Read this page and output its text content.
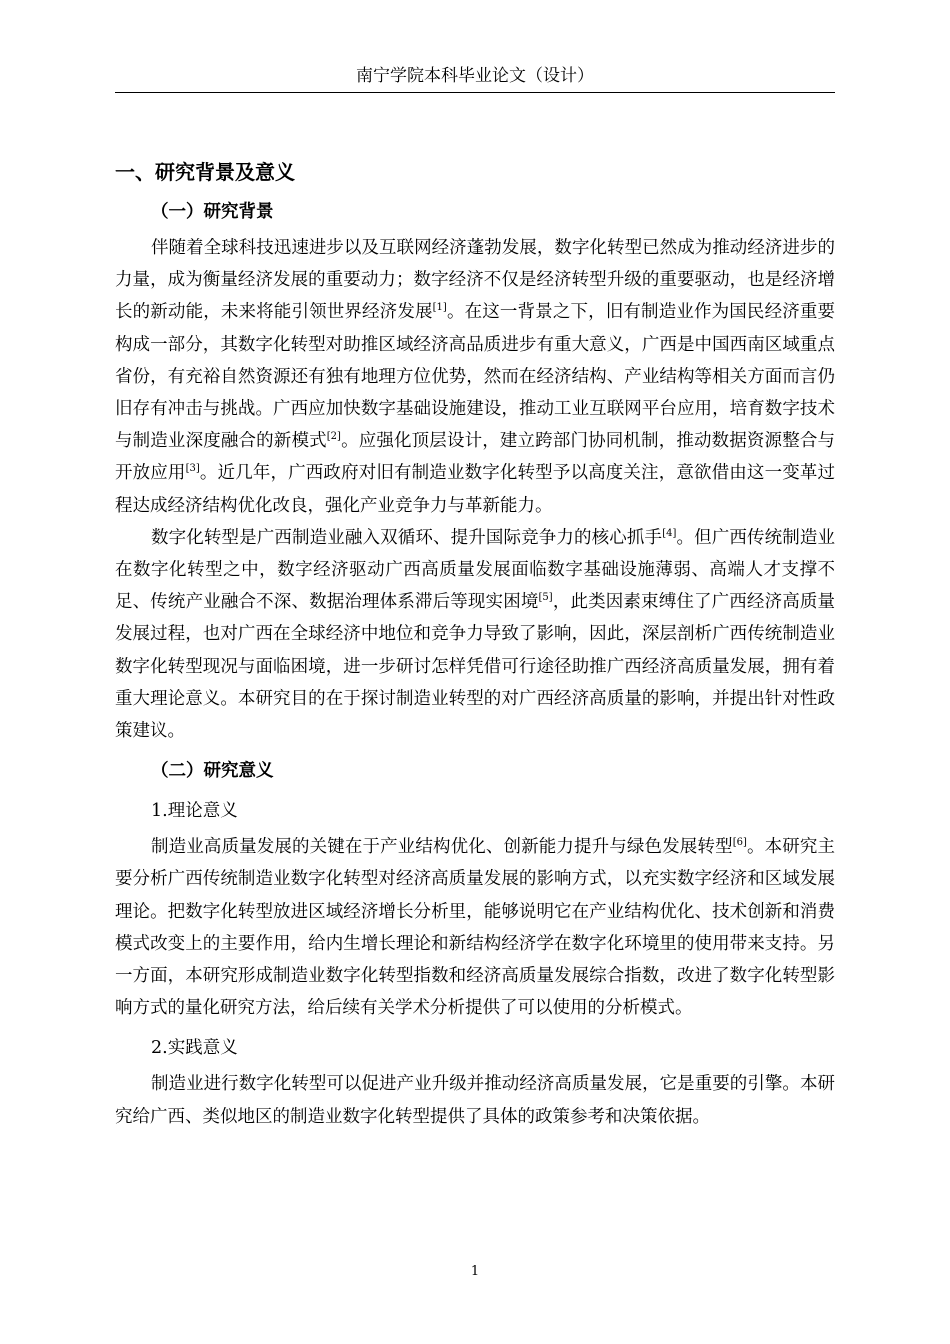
南宁学院本科毕业论文（设计）
一、研究背景及意义
（一）研究背景

伴随着全球科技迅速进步以及互联网经济蓬勃发展，数字化转型已然成为推动经济进步的力量，成为衡量经济发展的重要动力；数字经济不仅是经济转型升级的重要驱动，也是经济增长的新动能，未来将能引领世界经济发展[1]。在这一背景之下，旧有制造业作为国民经济重要构成一部分，其数字化转型对助推区域经济高品质进步有重大意义，广西是中国西南区域重点省份，有充裕自然资源还有独有地理方位优势，然而在经济结构、产业结构等相关方面而言仍旧存有冲击与挑战。广西应加快数字基础设施建设，推动工业互联网平台应用，培育数字技术与制造业深度融合的新模式[2]。应强化顶层设计，建立跨部门协同机制，推动数据资源整合与开放应用[3]。近几年，广西政府对旧有制造业数字化转型予以高度关注，意欲借由这一变革过程达成经济结构优化改良，强化产业竞争力与革新能力。

数字化转型是广西制造业融入双循环、提升国际竞争力的核心抓手[4]。但广西传统制造业在数字化转型之中，数字经济驱动广西高质量发展面临数字基础设施薄弱、高端人才支撑不足、传统产业融合不深、数据治理体系滞后等现实困境[5]，此类因素束缚住了广西经济高质量发展过程，也对广西在全球经济中地位和竞争力导致了影响，因此，深层剖析广西传统制造业数字化转型现况与面临困境，进一步研讨怎样凭借可行途径助推广西经济高质量发展，拥有着重大理论意义。本研究目的在于探讨制造业转型的对广西经济高质量的影响，并提出针对性政策建议。

（二）研究意义
1.理论意义

制造业高质量发展的关键在于产业结构优化、创新能力提升与绿色发展转型[6]。本研究主要分析广西传统制造业数字化转型对经济高质量发展的影响方式，以充实数字经济和区域发展理论。把数字化转型放进区域经济增长分析里，能够说明它在产业结构优化、技术创新和消费模式改变上的主要作用，给内生增长理论和新结构经济学在数字化环境里的使用带来支持。另一方面，本研究形成制造业数字化转型指数和经济高质量发展综合指数，改进了数字化转型影响方式的量化研究方法，给后续有关学术分析提供了可以使用的分析模式。

2.实践意义

制造业进行数字化转型可以促进产业升级并推动经济高质量发展，它是重要的引擎。本研究给广西、类似地区的制造业数字化转型提供了具体的政策参考和决策依据。

1
